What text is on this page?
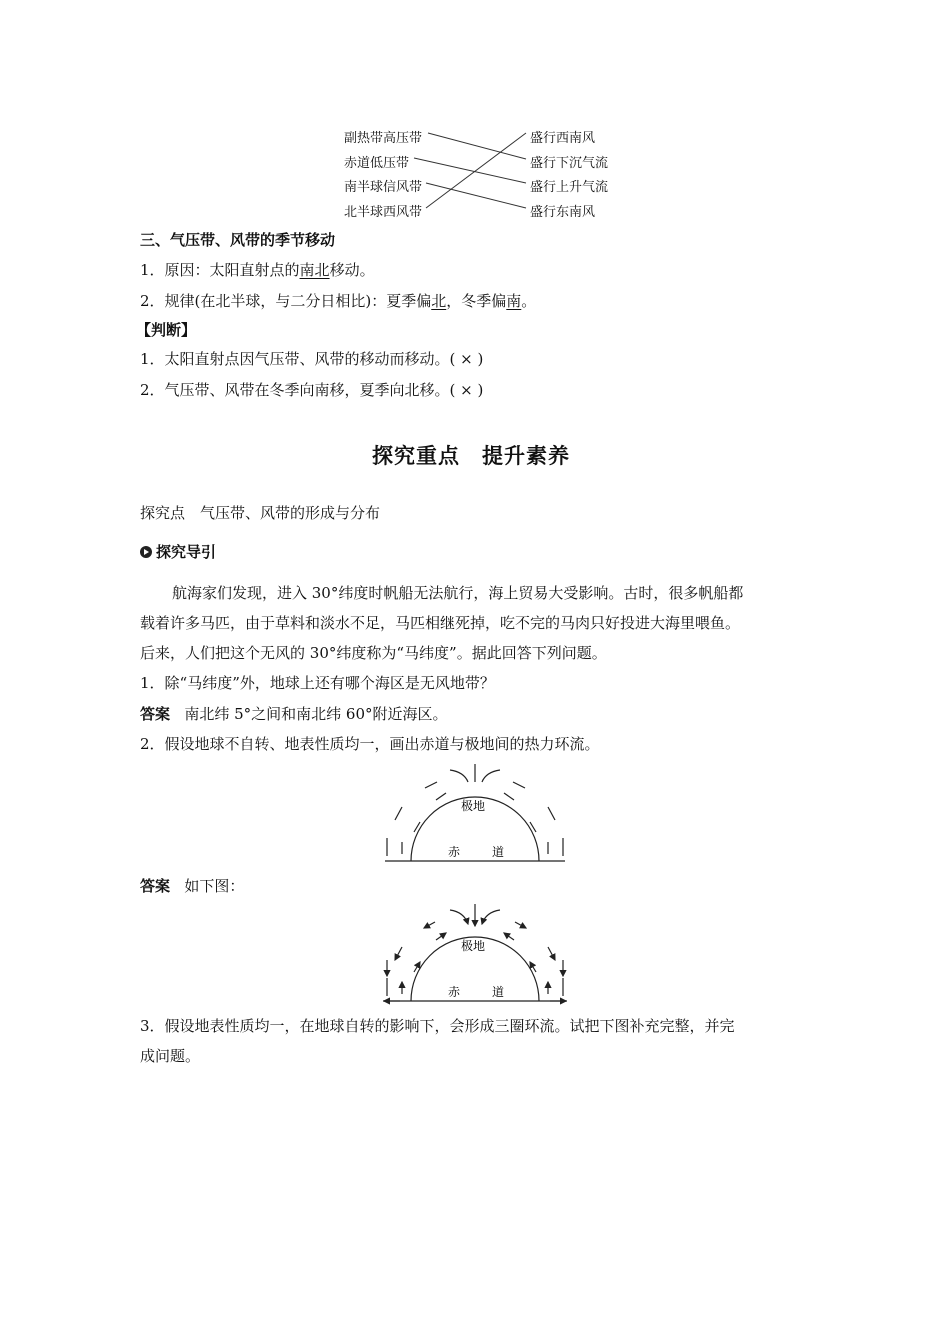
副热带高压带
赤道低压带
南半球信风带
北半球西风带
盛行西南风
盛行下沉气流
盛行上升气流
盛行东南风
三、气压带、风带的季节移动
1．原因：太阳直射点的南北移动。
2．规律(在北半球，与二分日相比)：夏季偏北，冬季偏南。
【判断】
1．太阳直射点因气压带、风带的移动而移动。( × )
2．气压带、风带在冬季向南移，夏季向北移。( × )
探究重点　提升素养
探究点　气压带、风带的形成与分布
探究导引
航海家们发现，进入 30°纬度时帆船无法航行，海上贸易大受影响。古时，很多帆船都
载着许多马匹，由于草料和淡水不足，马匹相继死掉，吃不完的马肉只好投进大海里喂鱼。
后来，人们把这个无风的 30°纬度称为“马纬度”。据此回答下列问题。
1．除“马纬度”外，地球上还有哪个海区是无风地带？
答案 南北纬 5°之间和南北纬 60°附近海区。
2．假设地球不自转、地表性质均一，画出赤道与极地间的热力环流。
极地
赤	道
答案 如下图：
极地
赤	道
3．假设地表性质均一，在地球自转的影响下，会形成三圈环流。试把下图补充完整，并完
成问题。
